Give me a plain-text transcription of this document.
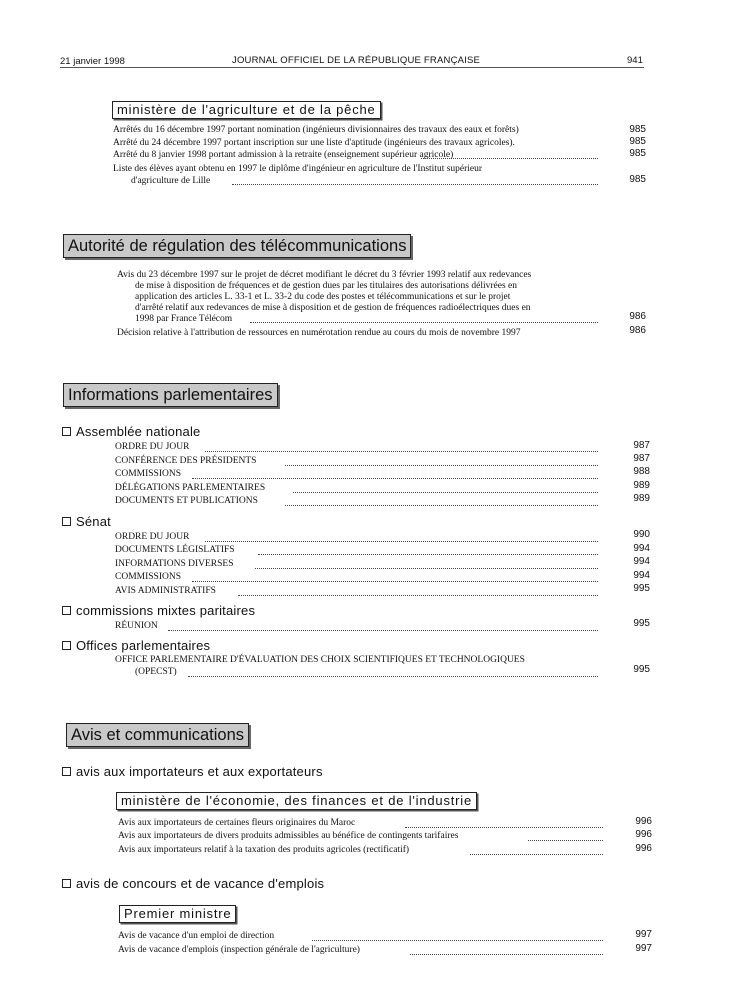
21 janvier 1998	JOURNAL OFFICIEL DE LA RÉPUBLIQUE FRANÇAISE	941
ministère de l'agriculture et de la pêche
Arrêtés du 16 décembre 1997 portant nomination (ingénieurs divisionnaires des travaux des eaux et forêts)	985
Arrêté du 24 décembre 1997 portant inscription sur une liste d'aptitude (ingénieurs des travaux agricoles).	985
Arrêté du 8 janvier 1998 portant admission à la retraite (enseignement supérieur agricole)	985
Liste des élèves ayant obtenu en 1997 le diplôme d'ingénieur en agriculture de l'Institut supérieur
d'agriculture de Lille	985
Autorité de régulation des télécommunications
Avis du 23 décembre 1997 sur le projet de décret modifiant le décret du 3 février 1993 relatif aux redevances
de mise à disposition de fréquences et de gestion dues par les titulaires des autorisations délivrées en
application des articles L. 33-1 et L. 33-2 du code des postes et télécommunications et sur le projet
d'arrêté relatif aux redevances de mise à disposition et de gestion de fréquences radioélectriques dues en
1998 par France Télécom	986
Décision relative à l'attribution de ressources en numérotation rendue au cours du mois de novembre 1997	986
Informations parlementaires
Assemblée nationale
ORDRE DU JOUR	987
CONFÉRENCE DES PRÉSIDENTS	987
COMMISSIONS	988
DÉLÉGATIONS PARLEMENTAIRES	989
DOCUMENTS ET PUBLICATIONS	989
Sénat
ORDRE DU JOUR	990
DOCUMENTS LÉGISLATIFS	994
INFORMATIONS DIVERSES	994
COMMISSIONS	994
AVIS ADMINISTRATIFS	995
commissions mixtes paritaires
RÉUNION	995
Offices parlementaires
OFFICE PARLEMENTAIRE D'ÉVALUATION DES CHOIX SCIENTIFIQUES ET TECHNOLOGIQUES
(OPECST)	995
Avis et communications
avis aux importateurs et aux exportateurs
ministère de l'économie, des finances et de l'industrie
Avis aux importateurs de certaines fleurs originaires du Maroc	996
Avis aux importateurs de divers produits admissibles au bénéfice de contingents tarifaires	996
Avis aux importateurs relatif à la taxation des produits agricoles (rectificatif)	996
avis de concours et de vacance d'emplois
Premier ministre
Avis de vacance d'un emploi de direction	997
Avis de vacance d'emplois (inspection générale de l'agriculture)	997
